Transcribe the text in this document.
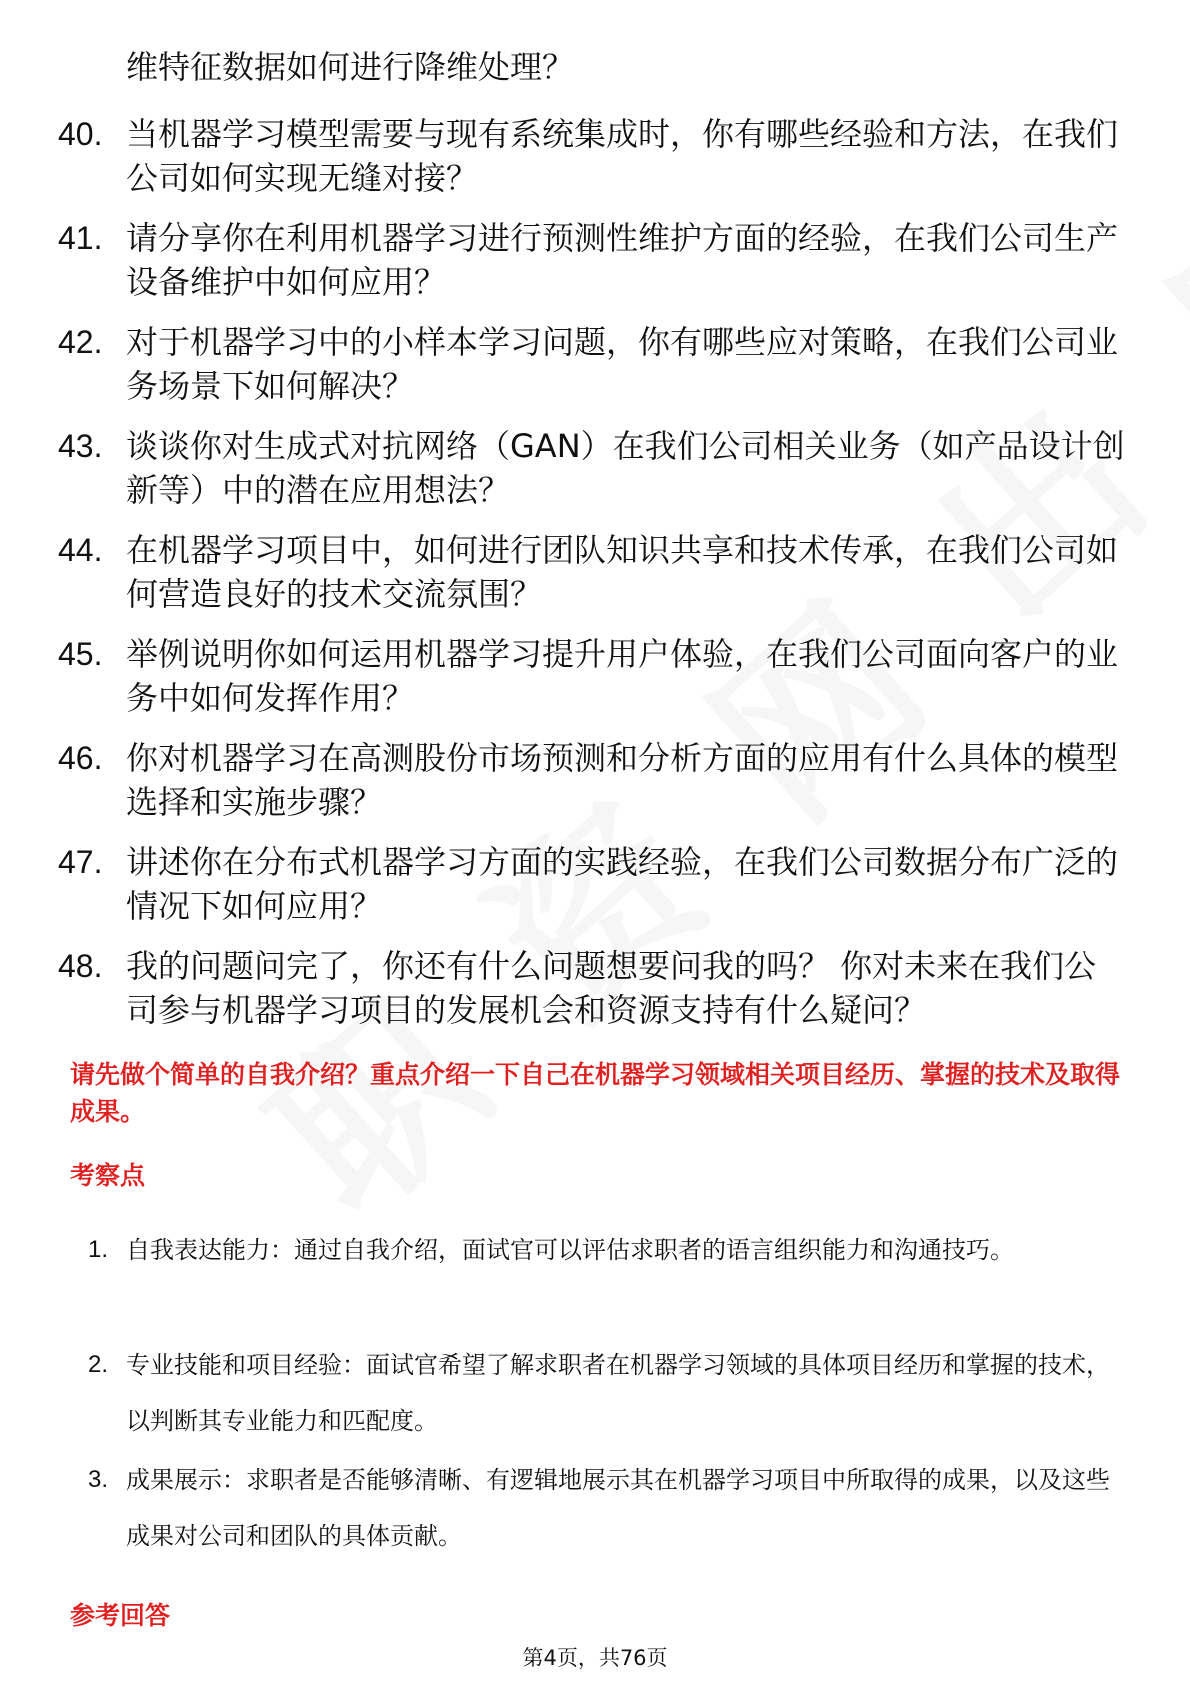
维特征数据如何进行降维处理？
40. 当机器学习模型需要与现有系统集成时，你有哪些经验和方法，在我们公司如何实现无缝对接？
41. 请分享你在利用机器学习进行预测性维护方面的经验，在我们公司生产设备维护中如何应用？
42. 对于机器学习中的小样本学习问题，你有哪些应对策略，在我们公司业务场景下如何解决？
43. 谈谈你对生成式对抗网络（GAN）在我们公司相关业务（如产品设计创新等）中的潜在应用想法？
44. 在机器学习项目中，如何进行团队知识共享和技术传承，在我们公司如何营造良好的技术交流氛围？
45. 举例说明你如何运用机器学习提升用户体验，在我们公司面向客户的业务中如何发挥作用？
46. 你对机器学习在高测股份市场预测和分析方面的应用有什么具体的模型选择和实施步骤？
47. 讲述你在分布式机器学习方面的实践经验，在我们公司数据分布广泛的情况下如何应用？
48. 我的问题问完了，你还有什么问题想要问我的吗？ 你对未来在我们公司参与机器学习项目的发展机会和资源支持有什么疑问？
请先做个简单的自我介绍？重点介绍一下自己在机器学习领域相关项目经历、掌握的技术及取得成果。
考察点
1. 自我表达能力：通过自我介绍，面试官可以评估求职者的语言组织能力和沟通技巧。
2. 专业技能和项目经验：面试官希望了解求职者在机器学习领域的具体项目经历和掌握的技术，以判断其专业能力和匹配度。
3. 成果展示：求职者是否能够清晰、有逻辑地展示其在机器学习项目中所取得的成果，以及这些成果对公司和团队的具体贡献。
参考回答
第4页，共76页
